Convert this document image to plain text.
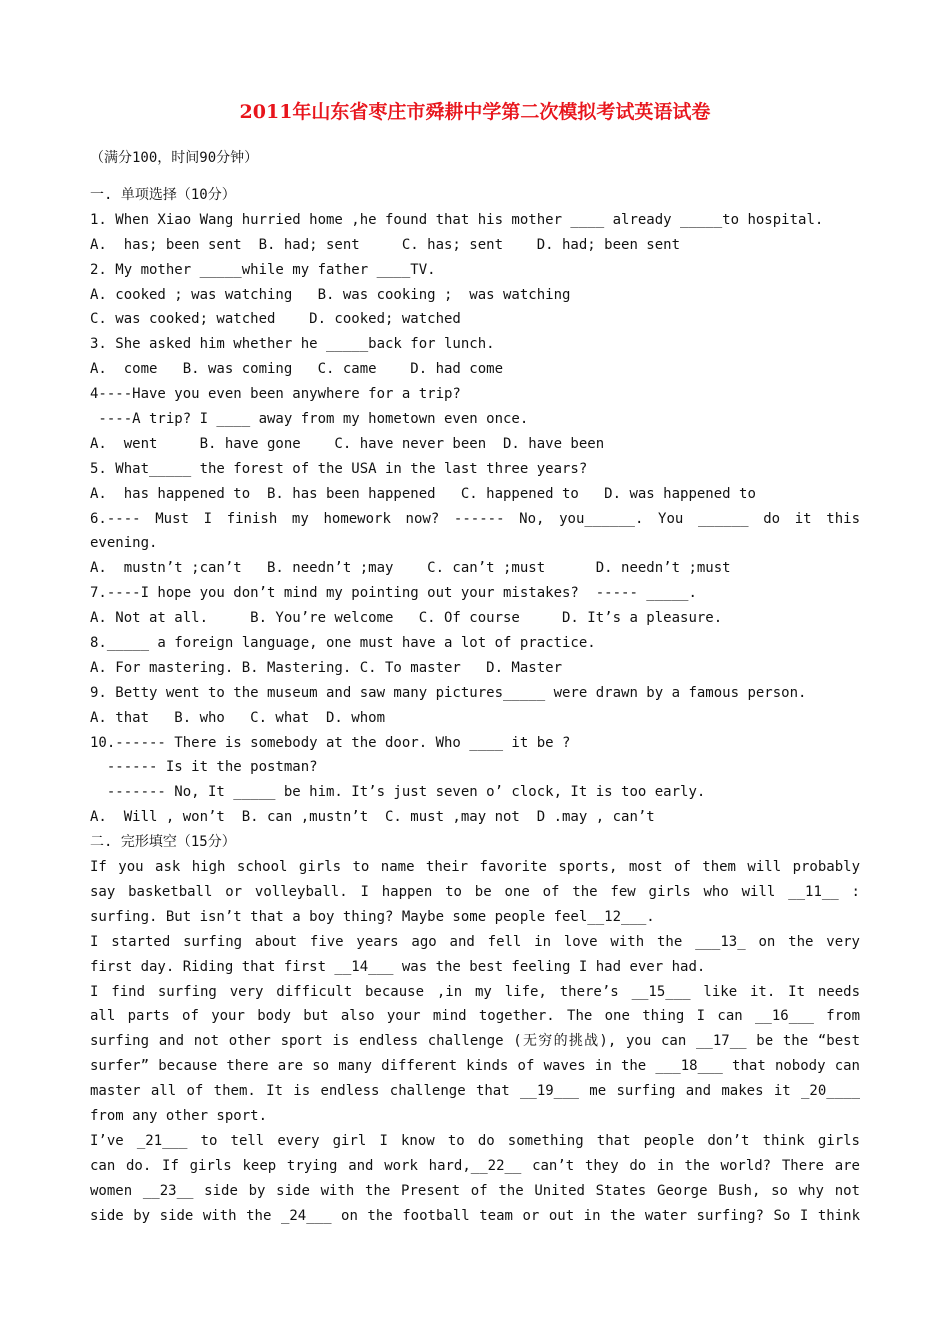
2011年山东省枣庄市舜耕中学第二次模拟考试英语试卷
（满分100，时间90分钟）
一. 单项选择（10分）
1. When Xiao Wang hurried home ,he found that his mother ____ already _____to hospital.
A.  has; been sent  B. had; sent     C. has; sent    D. had; been sent
2. My mother _____while my father ____TV.
A. cooked ; was watching   B. was cooking ;  was watching
C. was cooked; watched    D. cooked; watched
3. She asked him whether he _____back for lunch.
A.  come   B. was coming   C. came    D. had come
4----Have you even been anywhere for a trip?
----A trip? I ____ away from my hometown even once.
A.  went     B. have gone    C. have never been  D. have been
5. What_____ the forest of the USA in the last three years?
A.  has happened to  B. has been happened   C. happened to   D. was happened to
6.---- Must I finish my homework now? ------ No, you______. You ______ do it this
evening.
A.  mustn’t ;can’t   B. needn’t ;may    C. can’t ;must      D. needn’t ;must
7.----I hope you don’t mind my pointing out your mistakes?  ----- _____.
A. Not at all.     B. You’re welcome   C. Of course     D. It’s a pleasure.
8._____ a foreign language, one must have a lot of practice.
A. For mastering. B. Mastering. C. To master   D. Master
9. Betty went to the museum and saw many pictures_____ were drawn by a famous person.
A. that   B. who   C. what  D. whom
10.------ There is somebody at the door. Who ____ it be ?
------ Is it the postman?
------- No, It _____ be him. It’s just seven o’ clock, It is too early.
A.  Will , won’t  B. can ,mustn’t  C. must ,may not  D .may , can’t
二. 完形填空（15分）
If you ask high school girls to name their favorite sports, most of them will probably
say basketball or volleyball. I happen to be one of the few girls who will __11__ :
surfing. But isn’t that a boy thing? Maybe some people feel__12___.
I started surfing about five years ago and fell in love with the ___13_ on the very
first day. Riding that first __14___ was the best feeling I had ever had.
I find surfing very difficult because ,in my life, there’s __15___ like it. It needs
all parts of your body but also your mind together. The one thing I can __16___ from
surfing and not other sport is endless challenge (无穷的挑战), you can __17__ be the “best
surfer” because there are so many different kinds of waves in the ___18___ that nobody can
master all of them. It is endless challenge that __19___ me surfing and makes it _20____
from any other sport.
I’ve _21___ to tell every girl I know to do something that people don’t think girls
can do. If girls keep trying and work hard,__22__ can’t they do in the world? There are
women __23__ side by side with the Present of the United States George Bush, so why not
side by side with the _24___ on the football team or out in the water surfing? So I think
